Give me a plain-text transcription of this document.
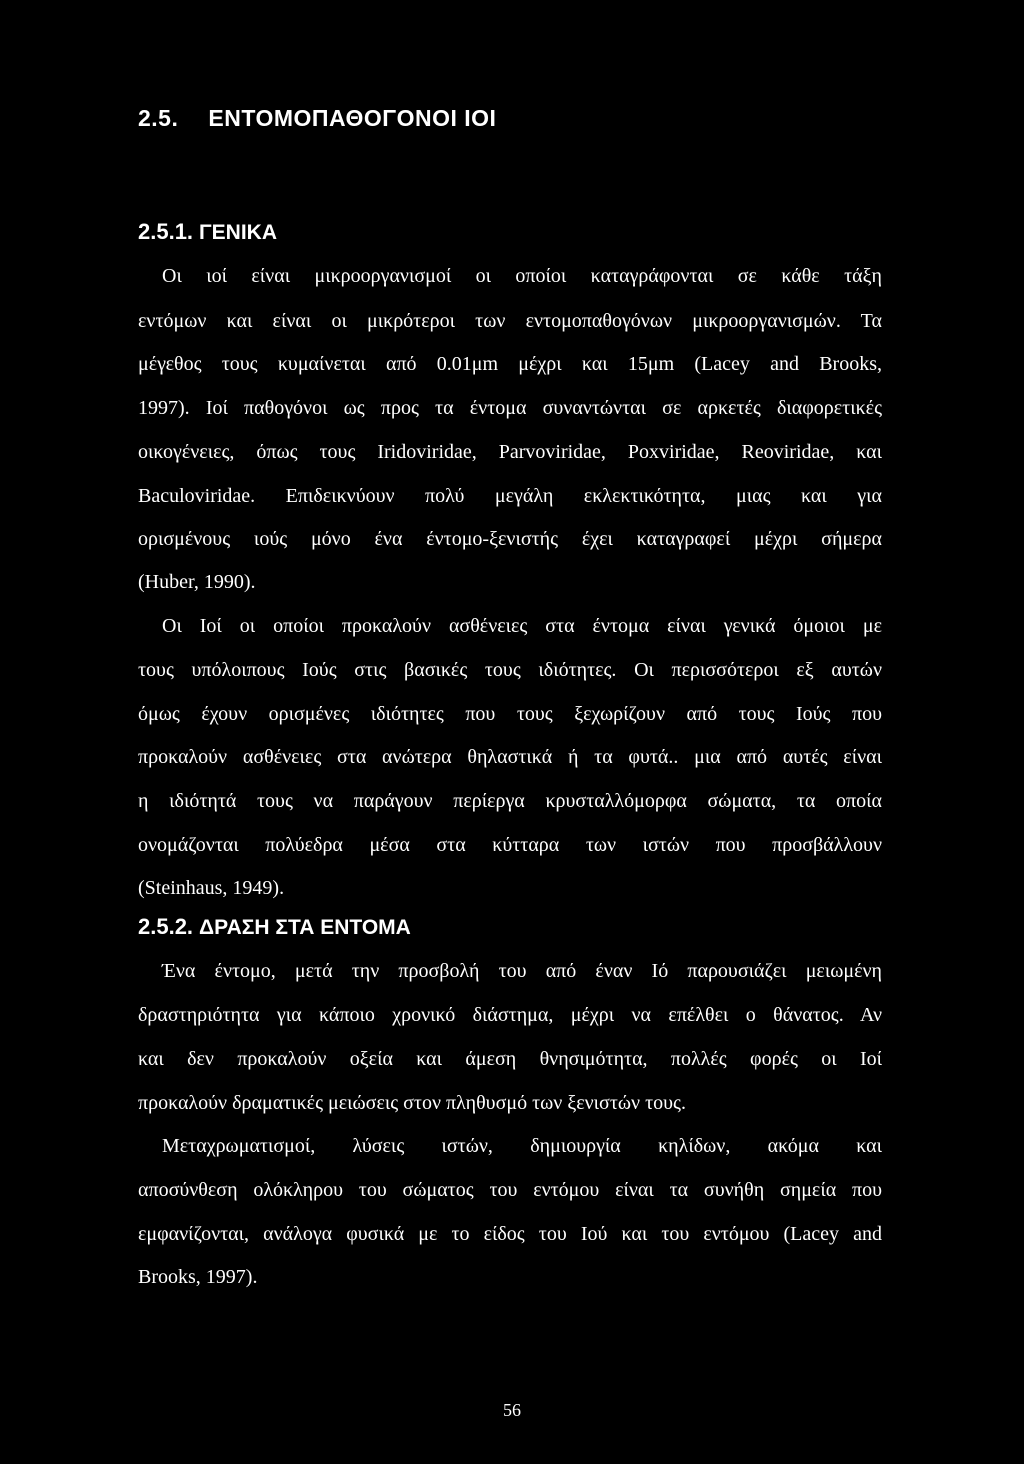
2.5. ΕΝΤΟΜΟΠΑΘΟΓΟΝΟΙ ΙΟΙ
2.5.1. ΓΕΝΙΚΑ
Οι ιοί είναι μικροοργανισμοί οι οποίοι καταγράφονται σε κάθε τάξη
εντόμων και είναι οι μικρότεροι των εντομοπαθογόνων μικροοργανισμών. Τα
μέγεθος τους κυμαίνεται από 0.01μm μέχρι και 15μm (Lacey and Brooks,
1997). Ιοί παθογόνοι ως προς τα έντομα συναντώνται σε αρκετές διαφορετικές
οικογένειες, όπως τους Iridoviridae, Parvoviridae, Poxviridae, Reoviridae, και
Baculoviridae. Επιδεικνύουν πολύ μεγάλη εκλεκτικότητα, μιας και για
ορισμένους ιούς μόνο ένα έντομο-ξενιστής έχει καταγραφεί μέχρι σήμερα
(Huber, 1990).
Οι Ιοί οι οποίοι προκαλούν ασθένειες στα έντομα είναι γενικά όμοιοι με
τους υπόλοιπους Ιούς στις βασικές τους ιδιότητες. Οι περισσότεροι εξ αυτών
όμως έχουν ορισμένες ιδιότητες που τους ξεχωρίζουν από τους Ιούς που
προκαλούν ασθένειες στα ανώτερα θηλαστικά ή τα φυτά.. μια από αυτές είναι
η ιδιότητά τους να παράγουν περίεργα κρυσταλλόμορφα σώματα, τα οποία
ονομάζονται πολύεδρα μέσα στα κύτταρα των ιστών που προσβάλλουν
(Steinhaus, 1949).
2.5.2. ΔΡΑΣΗ ΣΤΑ ΕΝΤΟΜΑ
Ένα έντομο, μετά την προσβολή του από έναν Ιό παρουσιάζει μειωμένη
δραστηριότητα για κάποιο χρονικό διάστημα, μέχρι να επέλθει ο θάνατος. Αν
και δεν προκαλούν οξεία και άμεση θνησιμότητα, πολλές φορές οι Ιοί
προκαλούν δραματικές μειώσεις στον πληθυσμό των ξενιστών τους.
Μεταχρωματισμοί, λύσεις ιστών, δημιουργία κηλίδων, ακόμα και
αποσύνθεση ολόκληρου του σώματος του εντόμου είναι τα συνήθη σημεία που
εμφανίζονται, ανάλογα φυσικά με το είδος του Ιού και του εντόμου (Lacey and
Brooks, 1997).
56
